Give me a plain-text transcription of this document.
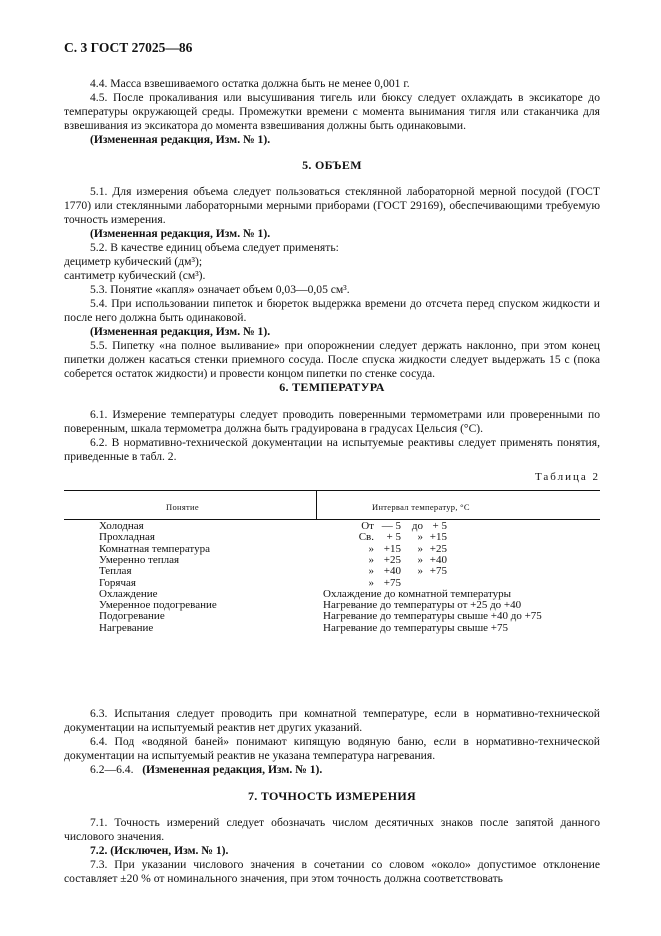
С. 3 ГОСТ 27025—86
4.4. Масса взвешиваемого остатка должна быть не менее 0,001 г.
4.5. После прокаливания или высушивания тигель или бюксу следует охлаждать в эксикаторе до температуры окружающей среды. Промежутки времени с момента вынимания тигля или стаканчика для взвешивания из эксикатора до момента взвешивания должны быть одинаковыми.
(Измененная редакция, Изм. № 1).
5. ОБЪЕМ
5.1. Для измерения объема следует пользоваться стеклянной лабораторной мерной посудой (ГОСТ 1770) или стеклянными лабораторными мерными приборами (ГОСТ 29169), обеспечивающими требуемую точность измерения.
(Измененная редакция, Изм. № 1).
5.2. В качестве единиц объема следует применять:
дециметр кубический (дм³);
сантиметр кубический (см³).
5.3. Понятие «капля» означает объем 0,03—0,05 см³.
5.4. При использовании пипеток и бюреток выдержка времени до отсчета перед спуском жидкости и после него должна быть одинаковой.
(Измененная редакция, Изм. № 1).
5.5. Пипетку «на полное выливание» при опорожнении следует держать наклонно, при этом конец пипетки должен касаться стенки приемного сосуда. После спуска жидкости следует выдержать 15 с (пока соберется остаток жидкости) и провести концом пипетки по стенке сосуда.
6. ТЕМПЕРАТУРА
6.1. Измерение температуры следует проводить поверенными термометрами или проверенными по поверенным, шкала термометра должна быть градуирована в градусах Цельсия (°С).
6.2. В нормативно-технической документации на испытуемые реактивы следует применять понятия, приведенные в табл. 2.
Таблица 2
Понятие	Интервал температур, °С
Холодная	От — 5 до + 5
Прохладная	Св. + 5 » +15
Комнатная температура	» +15 » +25
Умеренно теплая	» +25 » +40
Теплая	» +40 » +75
Горячая	» +75
Охлаждение	Охлаждение до комнатной температуры
Умеренное подогревание	Нагревание до температуры от +25 до +40
Подогревание	Нагревание до температуры свыше +40 до +75
Нагревание	Нагревание до температуры свыше +75
6.3. Испытания следует проводить при комнатной температуре, если в нормативно-технической документации на испытуемый реактив нет других указаний.
6.4. Под «водяной баней» понимают кипящую водяную баню, если в нормативно-технической документации на испытуемый реактив не указана температура нагревания.
6.2—6.4. (Измененная редакция, Изм. № 1).
7. ТОЧНОСТЬ ИЗМЕРЕНИЯ
7.1. Точность измерений следует обозначать числом десятичных знаков после запятой данного числового значения.
7.2. (Исключен, Изм. № 1).
7.3. При указании числового значения в сочетании со словом «около» допустимое отклонение составляет ±20 % от номинального значения, при этом точность должна соответствовать
